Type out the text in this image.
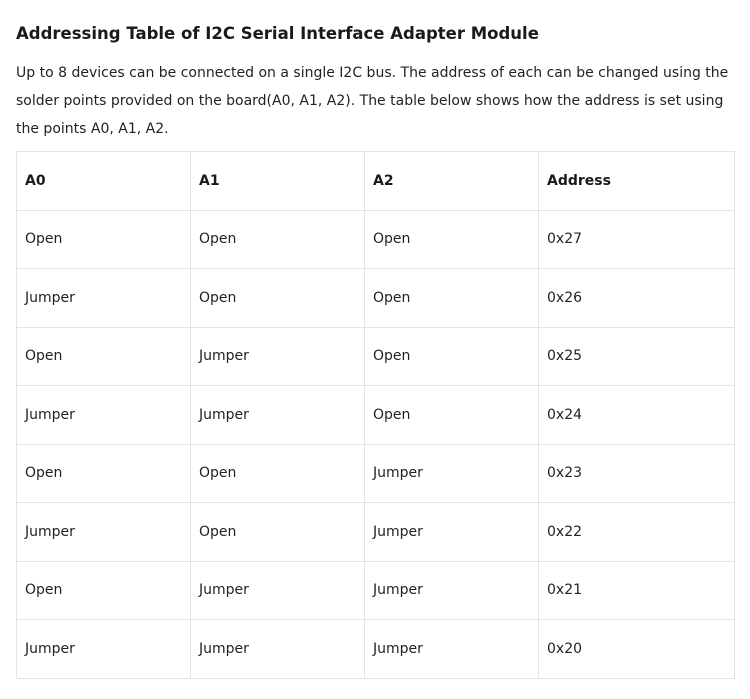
Addressing Table of I2C Serial Interface Adapter Module

Up to 8 devices can be connected on a single I2C bus. The address of each can be changed using the solder points provided on the board(A0, A1, A2). The table below shows how the address is set using the points A0, A1, A2.

A0	A1	A2	Address
Open	Open	Open	0x27
Jumper	Open	Open	0x26
Open	Jumper	Open	0x25
Jumper	Jumper	Open	0x24
Open	Open	Jumper	0x23
Jumper	Open	Jumper	0x22
Open	Jumper	Jumper	0x21
Jumper	Jumper	Jumper	0x20
